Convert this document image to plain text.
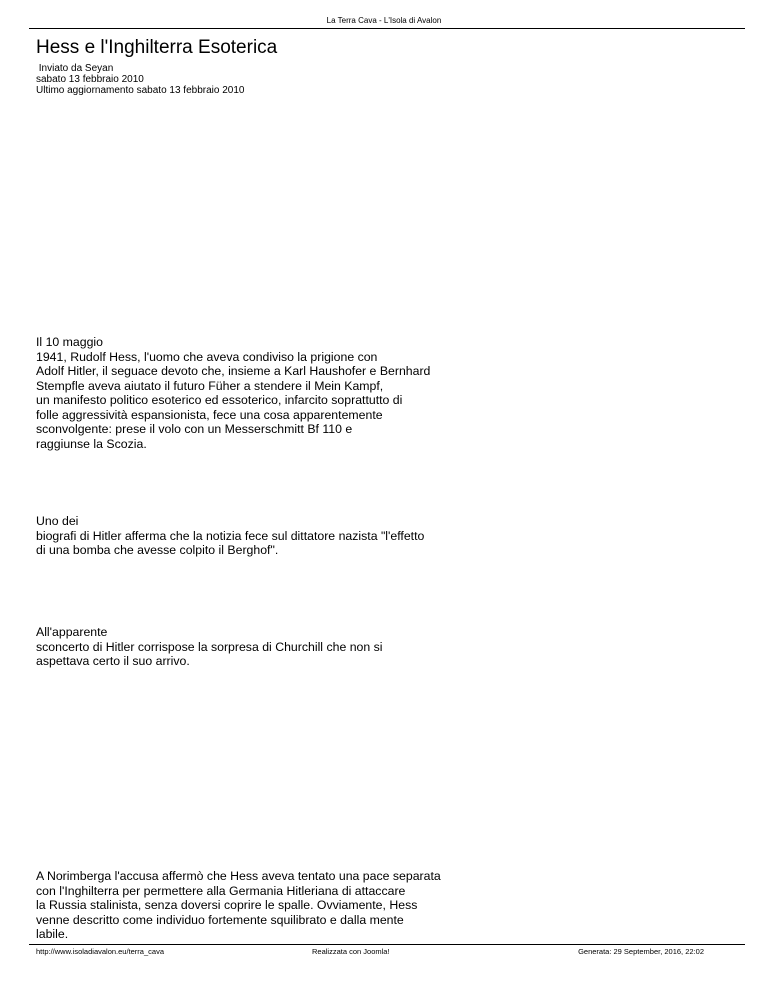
La Terra Cava - L'Isola di Avalon
Hess e l'Inghilterra Esoterica
Inviato da Seyan
sabato 13 febbraio 2010
Ultimo aggiornamento sabato 13 febbraio 2010
Il 10 maggio
1941, Rudolf Hess, l'uomo che aveva condiviso la prigione con
Adolf Hitler, il seguace devoto che, insieme a Karl Haushofer e Bernhard
Stempfle aveva aiutato il futuro Füher a stendere il Mein Kampf,
un manifesto politico esoterico ed essoterico, infarcito soprattutto di
folle aggressività espansionista, fece una cosa apparentemente
sconvolgente: prese il volo con un Messerschmitt Bf 110 e
raggiunse la Scozia.
Uno dei
biografi di Hitler afferma che la notizia fece sul dittatore nazista "l'effetto
di una bomba che avesse colpito il Berghof".
All'apparente
sconcerto di Hitler corrispose la sorpresa di Churchill che non si
aspettava certo il suo arrivo.
A Norimberga l'accusa affermò che Hess aveva tentato una pace separata
con l'Inghilterra per permettere alla Germania Hitleriana di attaccare
la Russia stalinista, senza doversi coprire le spalle. Ovviamente, Hess
venne descritto come individuo fortemente squilibrato e dalla mente
labile.
http://www.isoladiavalon.eu/terra_cava	Realizzata con Joomla!	Generata: 29 September, 2016, 22:02
